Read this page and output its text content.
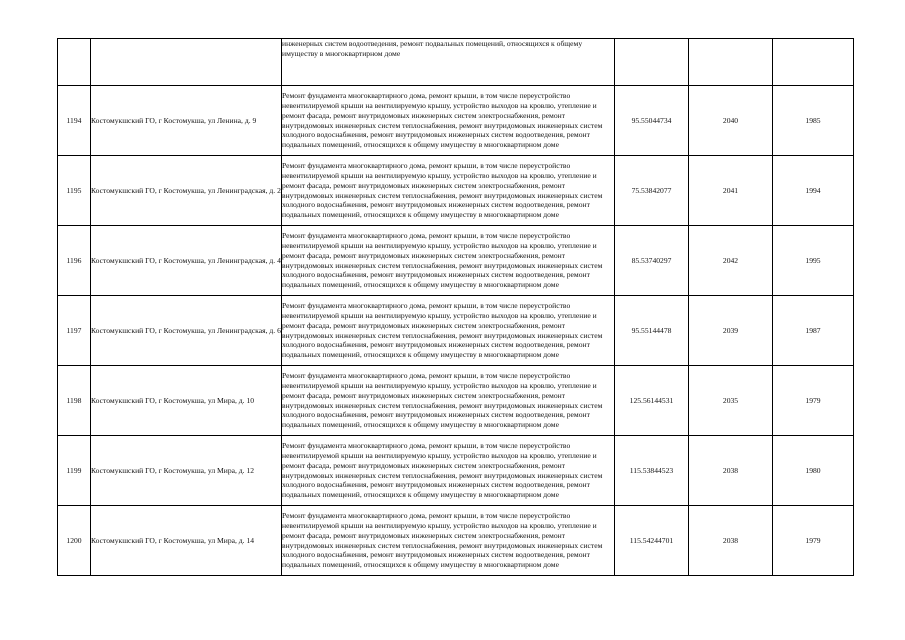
		инженерных систем водоотведения, ремонт подвальных помещений, относящихся к общему имуществу в многоквартирном доме			
1194	Костомукшский ГО, г Костомукша, ул Ленина, д. 9	Ремонт фундамента многоквартирного дома, ремонт крыши, в том числе переустройство невентилируемой крыши на вентилируемую крышу, устройство выходов на кровлю, утепление и ремонт фасада, ремонт внутридомовых инженерных систем электроснабжения, ремонт внутридомовых инженерных систем теплоснабжения, ремонт внутридомовых инженерных систем холодного водоснабжения, ремонт внутридомовых инженерных систем водоотведения, ремонт подвальных помещений, относящихся к общему имуществу в многоквартирном доме	95.55044734	2040	1985
1195	Костомукшский ГО, г Костомукша, ул Ленинградская, д. 2	Ремонт фундамента многоквартирного дома, ремонт крыши, в том числе переустройство невентилируемой крыши на вентилируемую крышу, устройство выходов на кровлю, утепление и ремонт фасада, ремонт внутридомовых инженерных систем электроснабжения, ремонт внутридомовых инженерных систем теплоснабжения, ремонт внутридомовых инженерных систем холодного водоснабжения, ремонт внутридомовых инженерных систем водоотведения, ремонт подвальных помещений, относящихся к общему имуществу в многоквартирном доме	75.53842077	2041	1994
1196	Костомукшский ГО, г Костомукша, ул Ленинградская, д. 4	Ремонт фундамента многоквартирного дома, ремонт крыши, в том числе переустройство невентилируемой крыши на вентилируемую крышу, устройство выходов на кровлю, утепление и ремонт фасада, ремонт внутридомовых инженерных систем электроснабжения, ремонт внутридомовых инженерных систем теплоснабжения, ремонт внутридомовых инженерных систем холодного водоснабжения, ремонт внутридомовых инженерных систем водоотведения, ремонт подвальных помещений, относящихся к общему имуществу в многоквартирном доме	85.53740297	2042	1995
1197	Костомукшский ГО, г Костомукша, ул Ленинградская, д. 6	Ремонт фундамента многоквартирного дома, ремонт крыши, в том числе переустройство невентилируемой крыши на вентилируемую крышу, устройство выходов на кровлю, утепление и ремонт фасада, ремонт внутридомовых инженерных систем электроснабжения, ремонт внутридомовых инженерных систем теплоснабжения, ремонт внутридомовых инженерных систем холодного водоснабжения, ремонт внутридомовых инженерных систем водоотведения, ремонт подвальных помещений, относящихся к общему имуществу в многоквартирном доме	95.55144478	2039	1987
1198	Костомукшский ГО, г Костомукша, ул Мира, д. 10	Ремонт фундамента многоквартирного дома, ремонт крыши, в том числе переустройство невентилируемой крыши на вентилируемую крышу, устройство выходов на кровлю, утепление и ремонт фасада, ремонт внутридомовых инженерных систем электроснабжения, ремонт внутридомовых инженерных систем теплоснабжения, ремонт внутридомовых инженерных систем холодного водоснабжения, ремонт внутридомовых инженерных систем водоотведения, ремонт подвальных помещений, относящихся к общему имуществу в многоквартирном доме	125.56144531	2035	1979
1199	Костомукшский ГО, г Костомукша, ул Мира, д. 12	Ремонт фундамента многоквартирного дома, ремонт крыши, в том числе переустройство невентилируемой крыши на вентилируемую крышу, устройство выходов на кровлю, утепление и ремонт фасада, ремонт внутридомовых инженерных систем электроснабжения, ремонт внутридомовых инженерных систем теплоснабжения, ремонт внутридомовых инженерных систем холодного водоснабжения, ремонт внутридомовых инженерных систем водоотведения, ремонт подвальных помещений, относящихся к общему имуществу в многоквартирном доме	115.53844523	2038	1980
1200	Костомукшский ГО, г Костомукша, ул Мира, д. 14	Ремонт фундамента многоквартирного дома, ремонт крыши, в том числе переустройство невентилируемой крыши на вентилируемую крышу, устройство выходов на кровлю, утепление и ремонт фасада, ремонт внутридомовых инженерных систем электроснабжения, ремонт внутридомовых инженерных систем теплоснабжения, ремонт внутридомовых инженерных систем холодного водоснабжения, ремонт внутридомовых инженерных систем водоотведения, ремонт подвальных помещений, относящихся к общему имуществу в многоквартирном доме	115.54244701	2038	1979
